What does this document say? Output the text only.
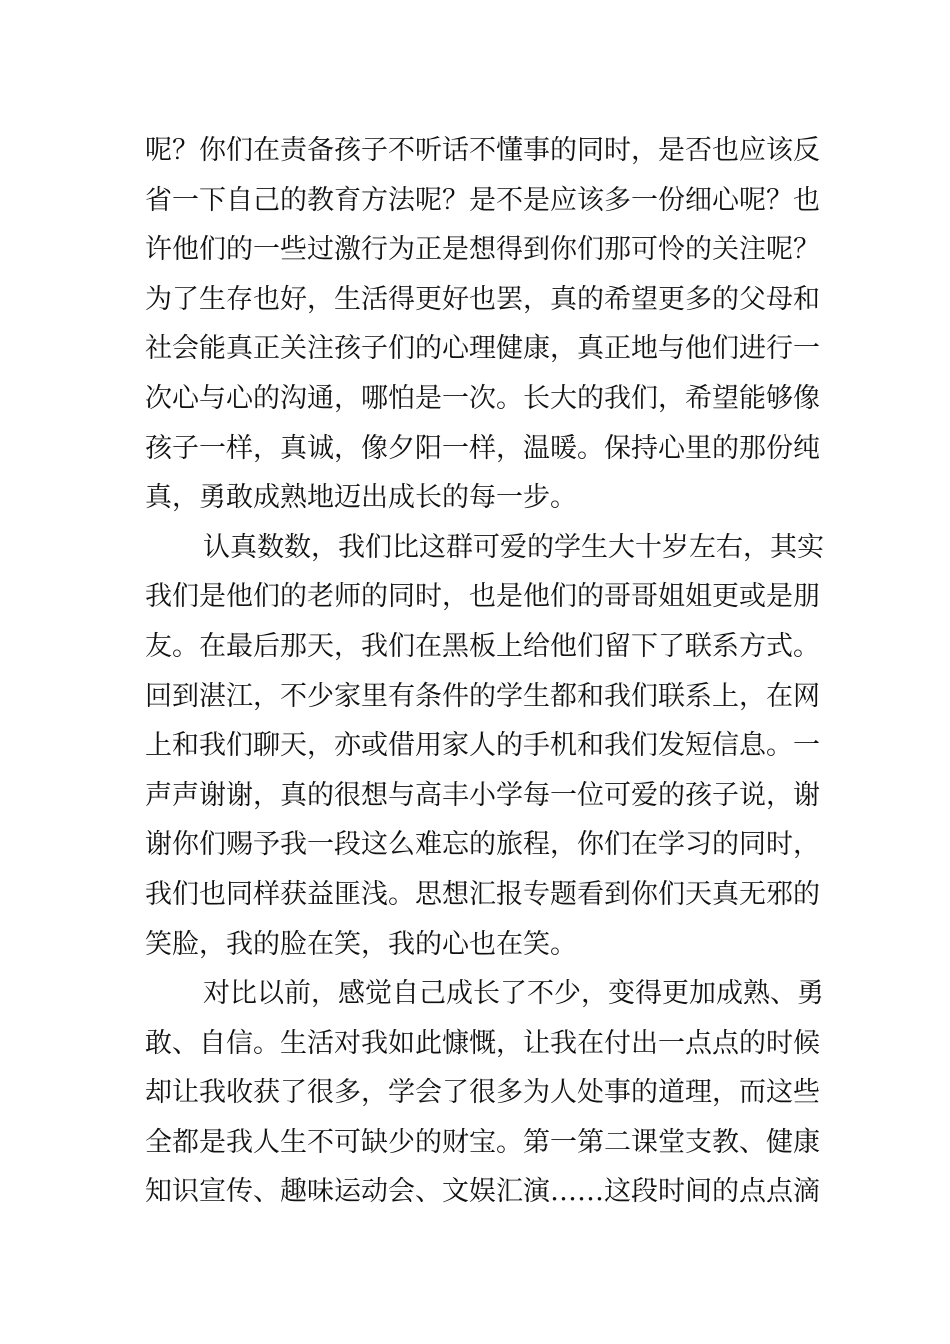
呢？你们在责备孩子不听话不懂事的同时，是否也应该反
省一下自己的教育方法呢？是不是应该多一份细心呢？也
许他们的一些过激行为正是想得到你们那可怜的关注呢？
为了生存也好，生活得更好也罢，真的希望更多的父母和
社会能真正关注孩子们的心理健康，真正地与他们进行一
次心与心的沟通，哪怕是一次。长大的我们，希望能够像
孩子一样，真诚，像夕阳一样，温暖。保持心里的那份纯
真，勇敢成熟地迈出成长的每一步。
认真数数，我们比这群可爱的学生大十岁左右，其实
我们是他们的老师的同时，也是他们的哥哥姐姐更或是朋
友。在最后那天，我们在黑板上给他们留下了联系方式。
回到湛江，不少家里有条件的学生都和我们联系上，在网
上和我们聊天，亦或借用家人的手机和我们发短信息。一
声声谢谢，真的很想与高丰小学每一位可爱的孩子说，谢
谢你们赐予我一段这么难忘的旅程，你们在学习的同时，
我们也同样获益匪浅。思想汇报专题看到你们天真无邪的
笑脸，我的脸在笑，我的心也在笑。
对比以前，感觉自己成长了不少，变得更加成熟、勇
敢、自信。生活对我如此慷慨，让我在付出一点点的时候
却让我收获了很多，学会了很多为人处事的道理，而这些
全都是我人生不可缺少的财宝。第一第二课堂支教、健康
知识宣传、趣味运动会、文娱汇演……这段时间的点点滴
